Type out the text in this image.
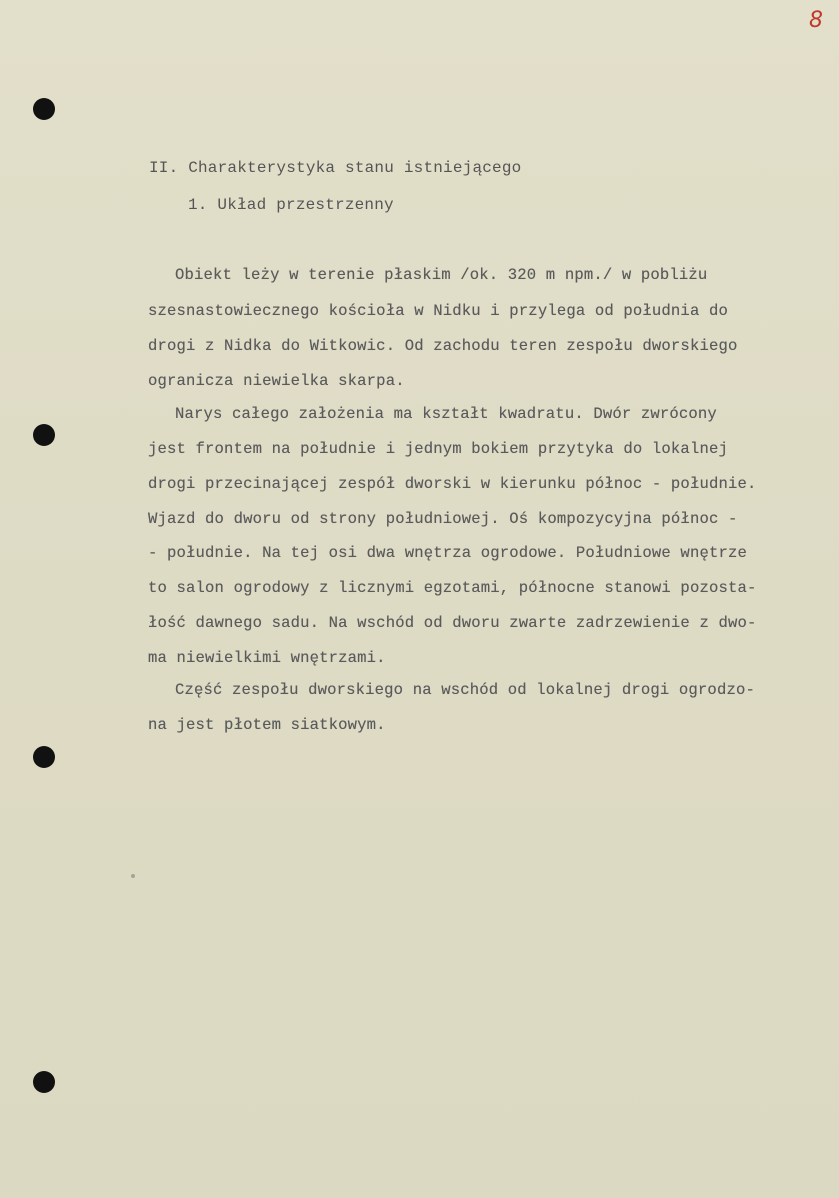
8
II. Charakterystyka stanu istniejącego
1. Układ przestrzenny
Obiekt leży w terenie płaskim /ok. 320 m npm./ w pobliżu
szesnastowiecznego kościoła w Nidku i przylega od południa do
drogi z Nidka do Witkowic. Od zachodu teren zespołu dworskiego
ogranicza niewielka skarpa.
Narys całego założenia ma kształt kwadratu. Dwór zwrócony
jest frontem na południe i jednym bokiem przytyka do lokalnej
drogi przecinającej zespół dworski w kierunku północ - południe.
Wjazd do dworu od strony południowej. Oś kompozycyjna północ -
- południe. Na tej osi dwa wnętrza ogrodowe. Południowe wnętrze
to salon ogrodowy z licznymi egzotami, północne stanowi pozosta-
łość dawnego sadu. Na wschód od dworu zwarte zadrzewienie z dwo-
ma niewielkimi wnętrzami.
Część zespołu dworskiego na wschód od lokalnej drogi ogrodzo-
na jest płotem siatkowym.
